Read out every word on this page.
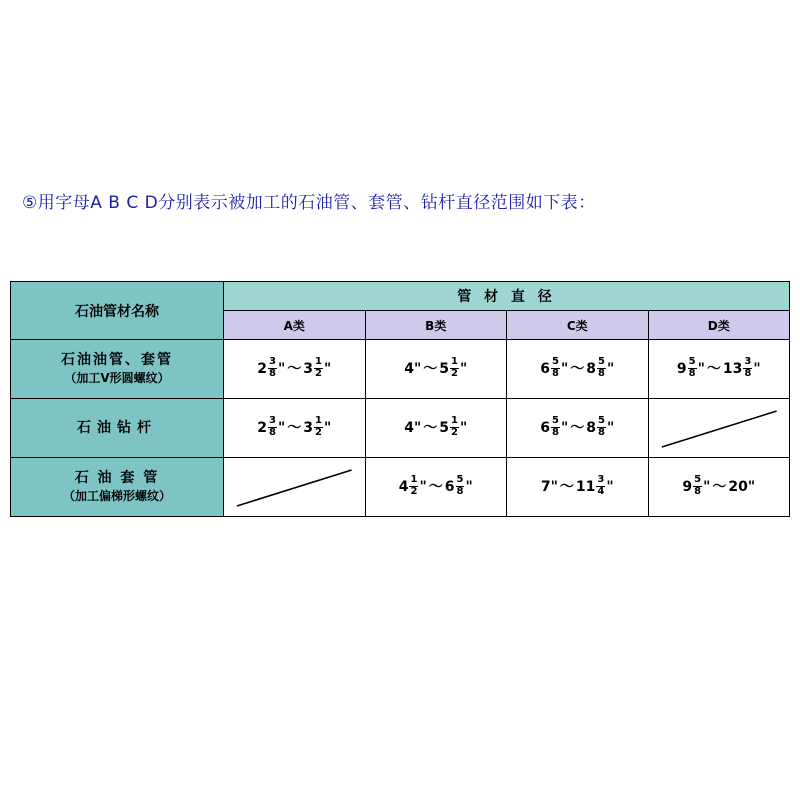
⑤用字母A B C D分别表示被加工的石油管、套管、钻杆直径范围如下表：
石油管材名称	管 材 直 径			
	A类	B类	C类	D类
石油油管、套管
（加工V形圆螺纹）
	$2 \frac{3}{8}$ " ～ $3 \frac{1}{2}$ "	4" ～ $5 \frac{1}{2}$ "	$6 \frac{5}{8}$ " ～ $8 \frac{5}{8}$ "	$9 \frac{5}{8}$ " ～ $13 \frac{3}{8}$ "
石油钻杆	$2 \frac{3}{8}$ " ～ $3 \frac{1}{2}$ "	4" ～ $5 \frac{1}{2}$ "	$6 \frac{5}{8}$ " ～ $8 \frac{5}{8}$ "	

石 油 套 管
（加工偏梯形螺纹）

	$4 \frac{1}{2}$ " ～ $6 \frac{5}{8}$ "	7" ～ $11 \frac{3}{4}$ "	$9 \frac{5}{8}$ " ～ 20"
